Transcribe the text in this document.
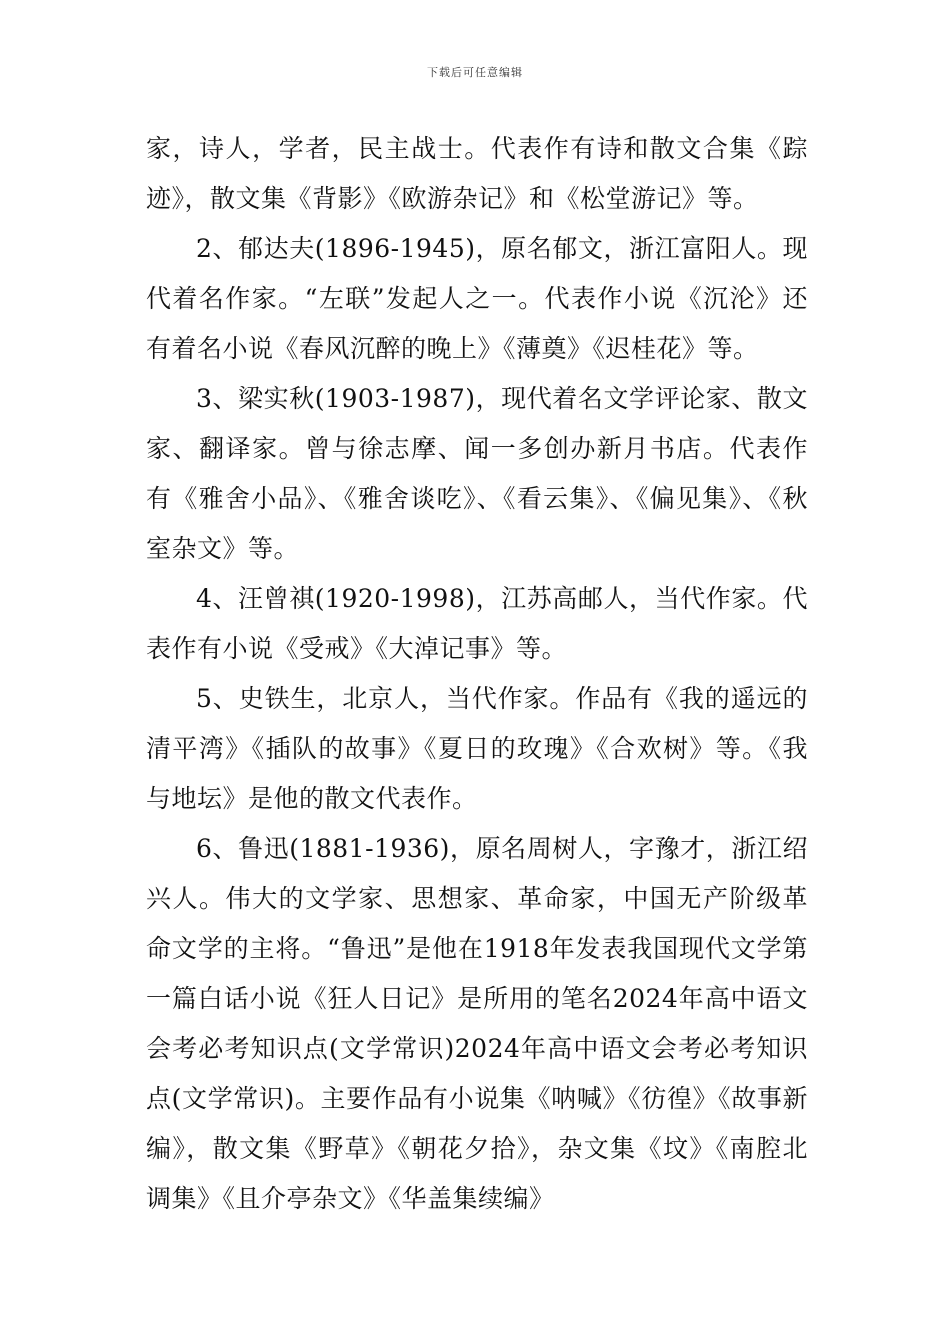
下载后可任意编辑

家，诗人，学者，民主战士。代表作有诗和散文合集《踪迹》，散文集《背影》《欧游杂记》和《松堂游记》等。

2、郁达夫(1896-1945)，原名郁文，浙江富阳人。现代着名作家。“左联”发起人之一。代表作小说《沉沦》还有着名小说《春风沉醉的晚上》《薄奠》《迟桂花》等。

3、梁实秋(1903-1987)，现代着名文学评论家、散文家、翻译家。曾与徐志摩、闻一多创办新月书店。代表作有《雅舍小品》、《雅舍谈吃》、《看云集》、《偏见集》、《秋室杂文》等。

4、汪曾祺(1920-1998)，江苏高邮人，当代作家。代表作有小说《受戒》《大淖记事》等。

5、史铁生，北京人，当代作家。作品有《我的遥远的清平湾》《插队的故事》《夏日的玫瑰》《合欢树》等。《我与地坛》是他的散文代表作。

6、鲁迅(1881-1936)，原名周树人，字豫才，浙江绍兴人。伟大的文学家、思想家、革命家，中国无产阶级革命文学的主将。“鲁迅”是他在1918年发表我国现代文学第一篇白话小说《狂人日记》是所用的笔名2024年高中语文会考必考知识点(文学常识)2024年高中语文会考必考知识点(文学常识)。主要作品有小说集《呐喊》《彷徨》《故事新编》，散文集《野草》《朝花夕拾》，杂文集《坟》《南腔北调集》《且介亭杂文》《华盖集续编》
